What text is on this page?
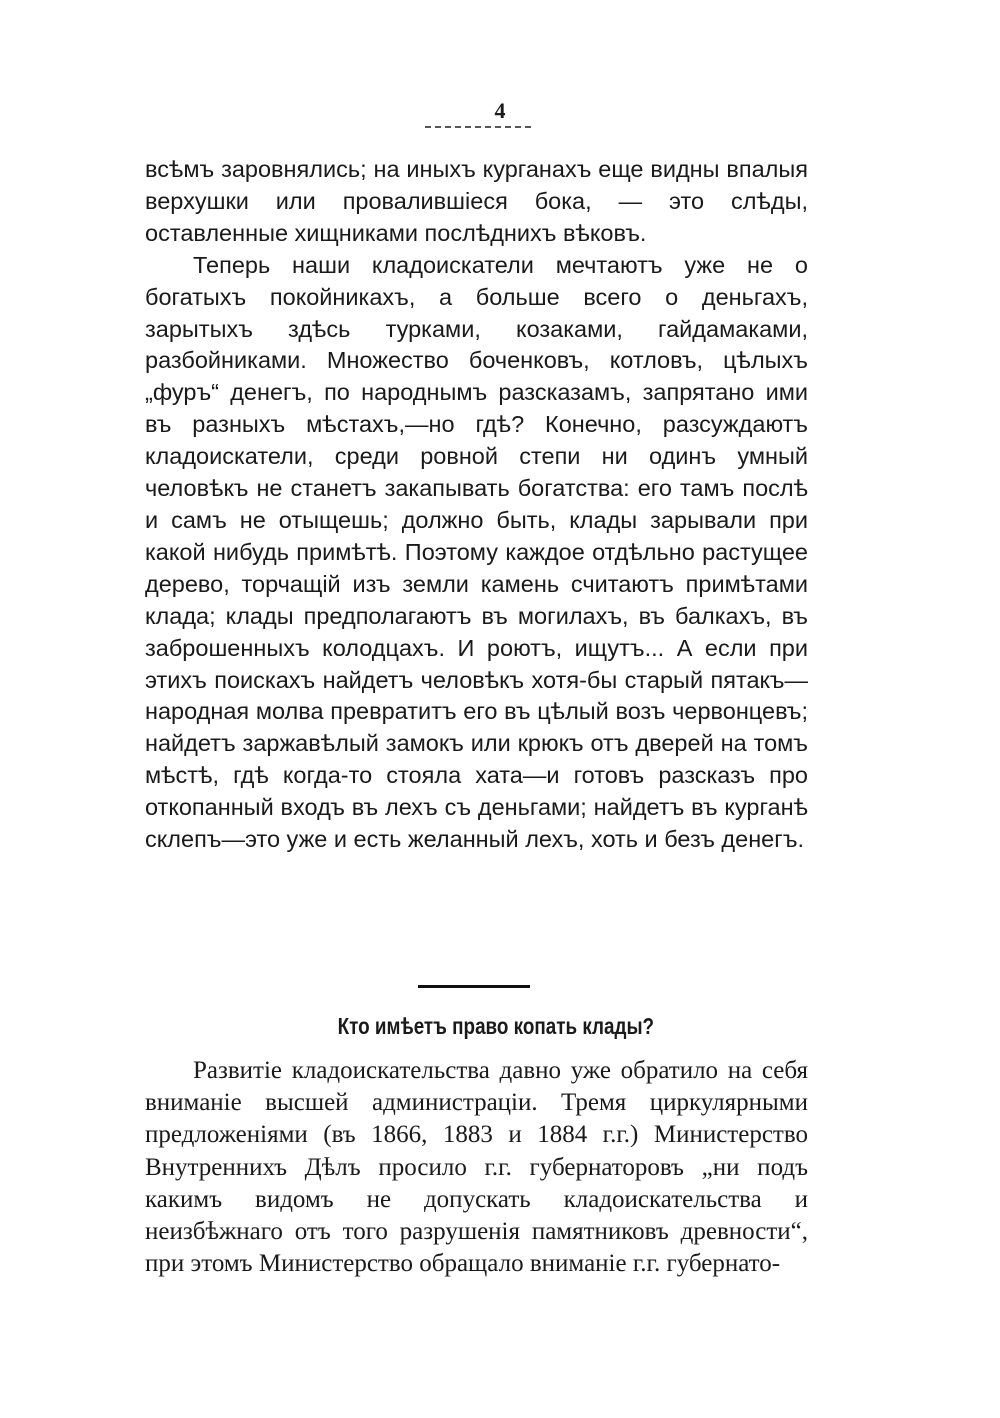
4

всѣмъ заровнялись; на иныхъ курганахъ еще видны впалыя верхушки или провалившіеся бока, — это слѣды, оставленные хищниками послѣднихъ вѣковъ.

Теперь наши кладоискатели мечтаютъ уже не о богатыхъ покойникахъ, а больше всего о деньгахъ, зарытыхъ здѣсь турками, козаками, гайдамаками, разбойниками. Множество боченковъ, котловъ, цѣлыхъ „фуръ“ денегъ, по народнымъ разсказамъ, запрятано ими въ разныхъ мѣстахъ,—но гдѣ? Конечно, разсуждаютъ кладоискатели, среди ровной степи ни одинъ умный человѣкъ не станетъ закапывать богатства: его тамъ послѣ и самъ не отыщешь; должно быть, клады зарывали при какой нибудь примѣтѣ. Поэтому каждое отдѣльно растущее дерево, торчащій изъ земли камень считаютъ примѣтами клада; клады предполагаютъ въ могилахъ, въ балкахъ, въ заброшенныхъ колодцахъ. И роютъ, ищутъ... А если при этихъ поискахъ найдетъ человѣкъ хотя-бы старый пятакъ—народная молва превратитъ его въ цѣлый возъ червонцевъ; найдетъ заржавѣлый замокъ или крюкъ отъ дверей на томъ мѣстѣ, гдѣ когда-то стояла хата—и готовъ разсказъ про откопанный входъ въ лехъ съ деньгами; найдетъ въ курганѣ склепъ—это уже и есть желанный лехъ, хоть и безъ денегъ.

Кто имѣетъ право копать клады?

Развитіе кладоискательства давно уже обратило на себя вниманіе высшей администраціи. Тремя циркулярными предложеніями (въ 1866, 1883 и 1884 г.г.) Министерство Внутреннихъ Дѣлъ просило г.г. губернаторовъ „ни подъ какимъ видомъ не допускать кладоискательства и неизбѣжнаго отъ того разрушенія памятниковъ древности“, при этомъ Министерство обращало вниманіе г.г. губернато-
